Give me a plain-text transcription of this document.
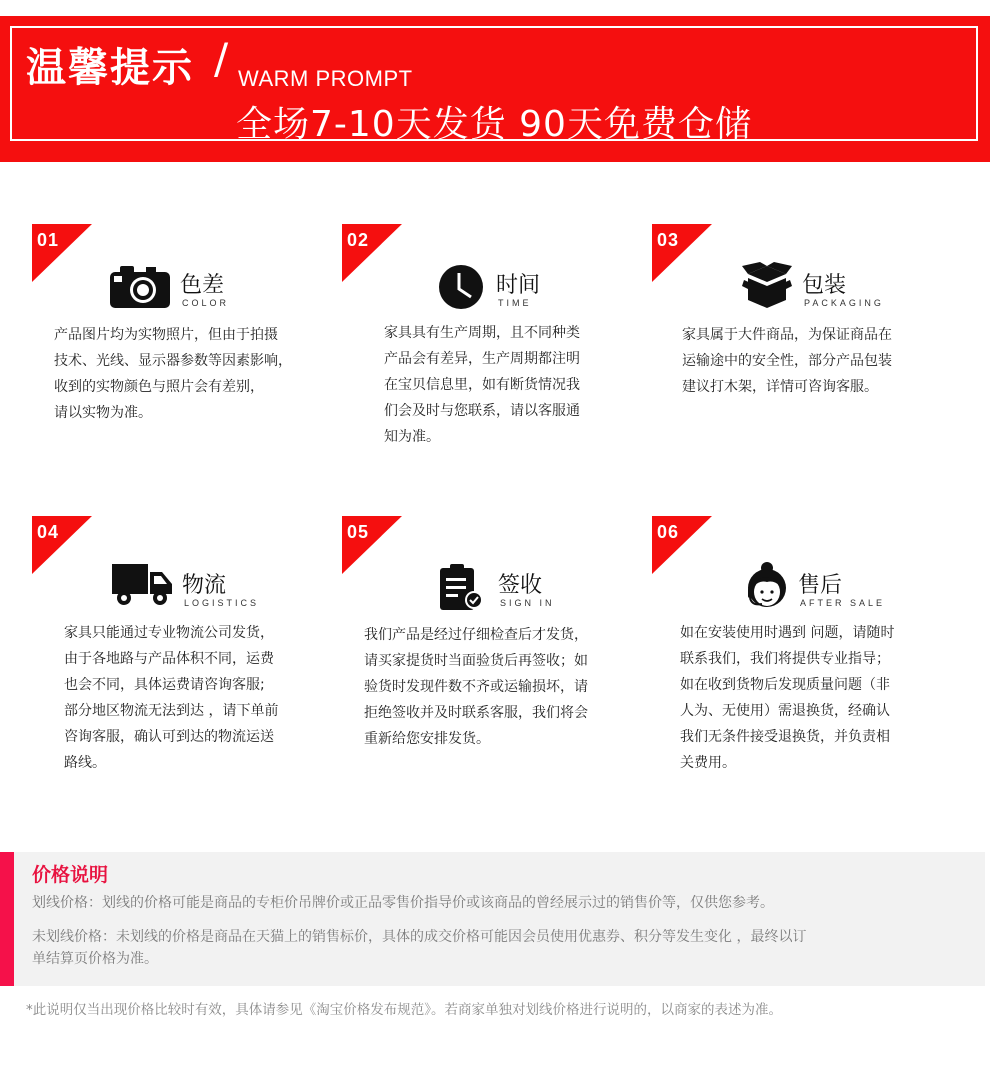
温馨提示 / WARM PROMPT
全场7-10天发货 90天免费仓储
01
色差
COLOR
产品图片均为实物照片，但由于拍摄
技术、光线、显示器参数等因素影响，
收到的实物颜色与照片会有差别，
请以实物为准。
02
时间
TIME
家具具有生产周期，且不同种类
产品会有差异，生产周期都注明
在宝贝信息里，如有断货情况我
们会及时与您联系，请以客服通
知为准。
03
包装
PACKAGING
家具属于大件商品，为保证商品在
运输途中的安全性，部分产品包装
建议打木架，详情可咨询客服。
04
物流
LOGISTICS
家具只能通过专业物流公司发货，
由于各地路与产品体积不同，运费
也会不同，具体运费请咨询客服;
部分地区物流无法到达 ，请下单前
咨询客服，确认可到达的物流运送
路线。
05
签收
SIGN IN
我们产品是经过仔细检查后才发货，
请买家提货时当面验货后再签收；如
验货时发现件数不齐或运输损坏，请
拒绝签收并及时联系客服，我们将会
重新给您安排发货。
06
售后
AFTER SALE
如在安装使用时遇到 问题，请随时
联系我们，我们将提供专业指导；
如在收到货物后发现质量问题（非
人为、无使用）需退换货，经确认
我们无条件接受退换货，并负责相
关费用。
价格说明
划线价格：划线的价格可能是商品的专柜价吊牌价或正品零售价指导价或该商品的曾经展示过的销售价等，仅供您参考。
未划线价格：未划线的价格是商品在天猫上的销售标价，具体的成交价格可能因会员使用优惠券、积分等发生变化 ，最终以订
单结算页价格为准。
*此说明仅当出现价格比较时有效，具体请参见《淘宝价格发布规范》。若商家单独对划线价格进行说明的，以商家的表述为准。
